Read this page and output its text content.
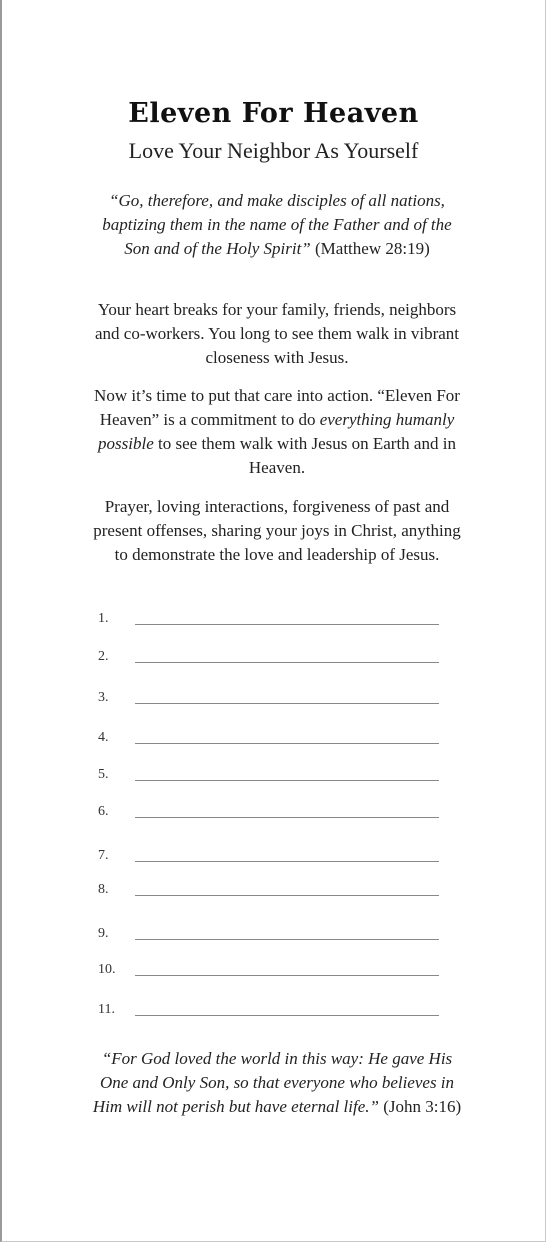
Eleven For Heaven
Love Your Neighbor As Yourself
“Go, therefore, and make disciples of all nations, baptizing them in the name of the Father and of the Son and of the Holy Spirit” (Matthew 28:19)
Your heart breaks for your family, friends, neighbors and co-workers. You long to see them walk in vibrant closeness with Jesus.
Now it’s time to put that care into action. “Eleven For Heaven” is a commitment to do everything humanly possible to see them walk with Jesus on Earth and in Heaven.
Prayer, loving interactions, forgiveness of past and present offenses, sharing your joys in Christ, anything to demonstrate the love and leadership of Jesus.
1.
2.
3.
4.
5.
6.
7.
8.
9.
10.
11.
“For God loved the world in this way: He gave His One and Only Son, so that everyone who believes in Him will not perish but have eternal life.” (John 3:16)
